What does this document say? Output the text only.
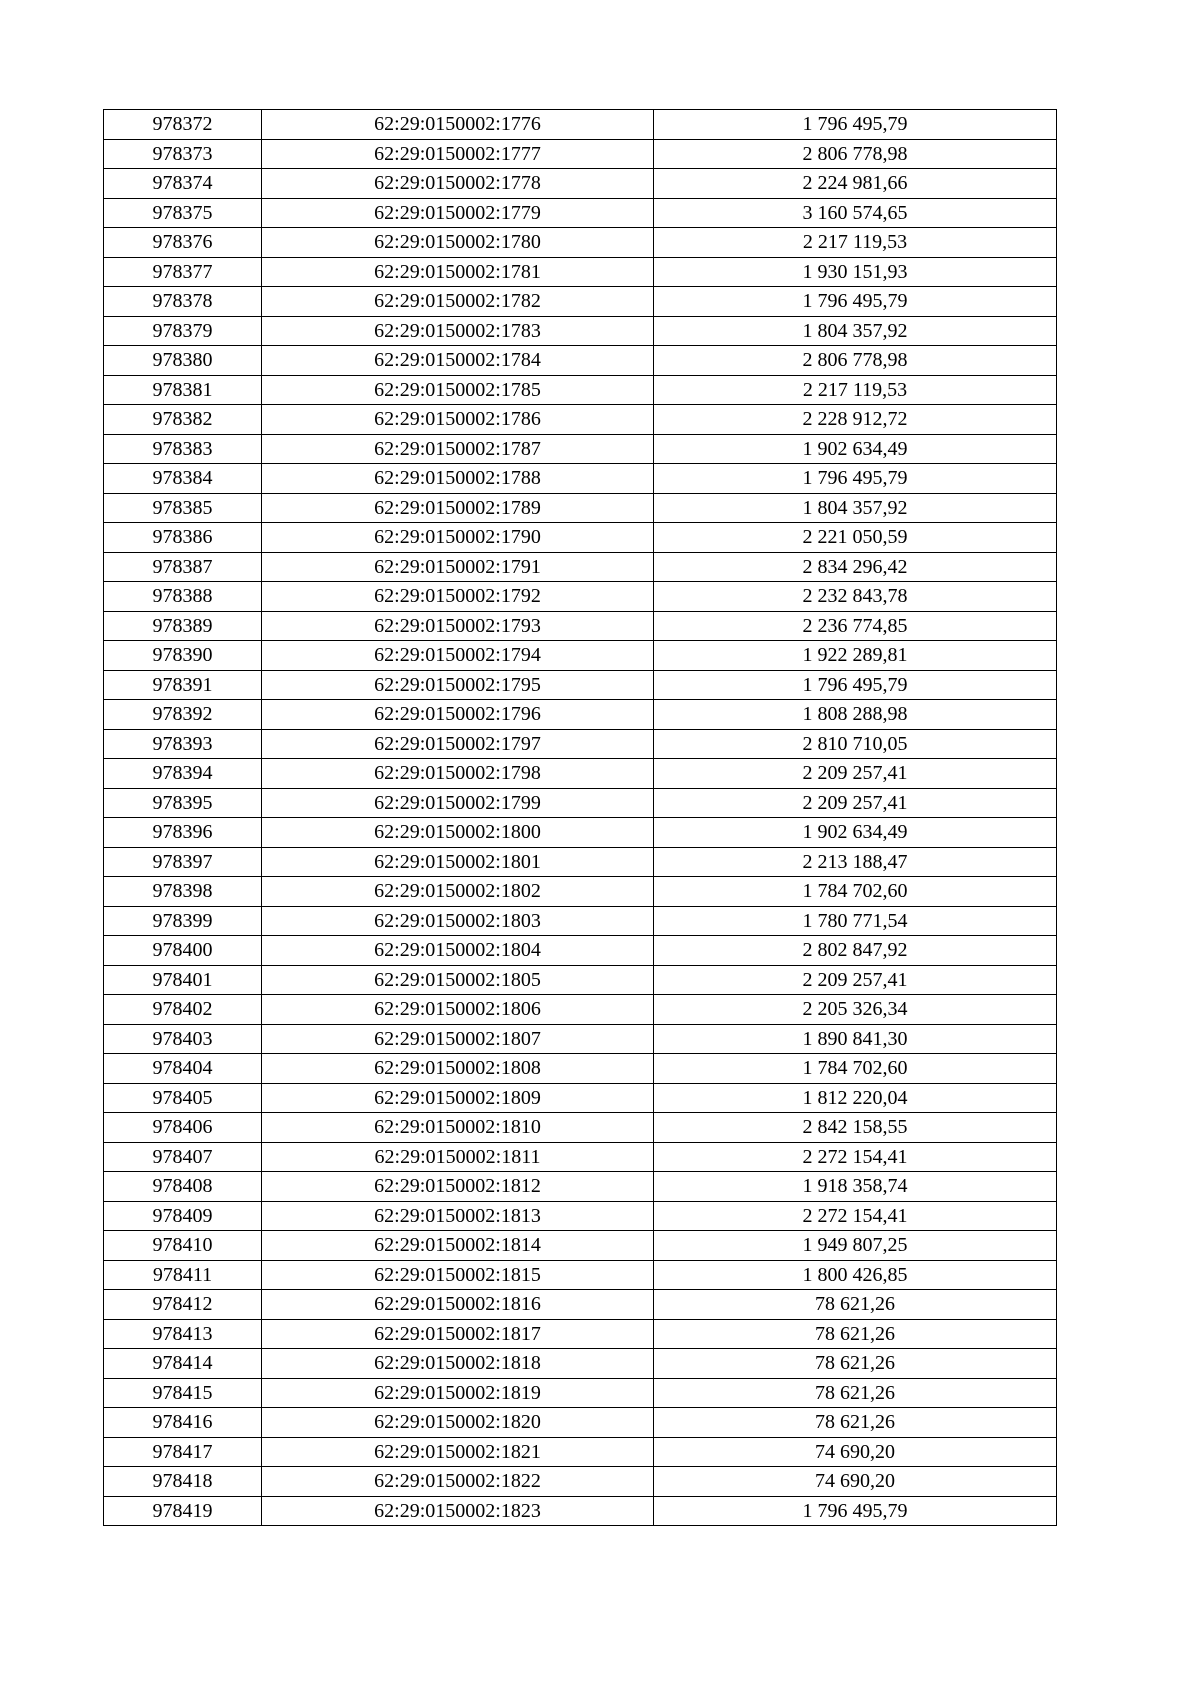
978372	62:29:0150002:1776	1 796 495,79
978373	62:29:0150002:1777	2 806 778,98
978374	62:29:0150002:1778	2 224 981,66
978375	62:29:0150002:1779	3 160 574,65
978376	62:29:0150002:1780	2 217 119,53
978377	62:29:0150002:1781	1 930 151,93
978378	62:29:0150002:1782	1 796 495,79
978379	62:29:0150002:1783	1 804 357,92
978380	62:29:0150002:1784	2 806 778,98
978381	62:29:0150002:1785	2 217 119,53
978382	62:29:0150002:1786	2 228 912,72
978383	62:29:0150002:1787	1 902 634,49
978384	62:29:0150002:1788	1 796 495,79
978385	62:29:0150002:1789	1 804 357,92
978386	62:29:0150002:1790	2 221 050,59
978387	62:29:0150002:1791	2 834 296,42
978388	62:29:0150002:1792	2 232 843,78
978389	62:29:0150002:1793	2 236 774,85
978390	62:29:0150002:1794	1 922 289,81
978391	62:29:0150002:1795	1 796 495,79
978392	62:29:0150002:1796	1 808 288,98
978393	62:29:0150002:1797	2 810 710,05
978394	62:29:0150002:1798	2 209 257,41
978395	62:29:0150002:1799	2 209 257,41
978396	62:29:0150002:1800	1 902 634,49
978397	62:29:0150002:1801	2 213 188,47
978398	62:29:0150002:1802	1 784 702,60
978399	62:29:0150002:1803	1 780 771,54
978400	62:29:0150002:1804	2 802 847,92
978401	62:29:0150002:1805	2 209 257,41
978402	62:29:0150002:1806	2 205 326,34
978403	62:29:0150002:1807	1 890 841,30
978404	62:29:0150002:1808	1 784 702,60
978405	62:29:0150002:1809	1 812 220,04
978406	62:29:0150002:1810	2 842 158,55
978407	62:29:0150002:1811	2 272 154,41
978408	62:29:0150002:1812	1 918 358,74
978409	62:29:0150002:1813	2 272 154,41
978410	62:29:0150002:1814	1 949 807,25
978411	62:29:0150002:1815	1 800 426,85
978412	62:29:0150002:1816	78 621,26
978413	62:29:0150002:1817	78 621,26
978414	62:29:0150002:1818	78 621,26
978415	62:29:0150002:1819	78 621,26
978416	62:29:0150002:1820	78 621,26
978417	62:29:0150002:1821	74 690,20
978418	62:29:0150002:1822	74 690,20
978419	62:29:0150002:1823	1 796 495,79
